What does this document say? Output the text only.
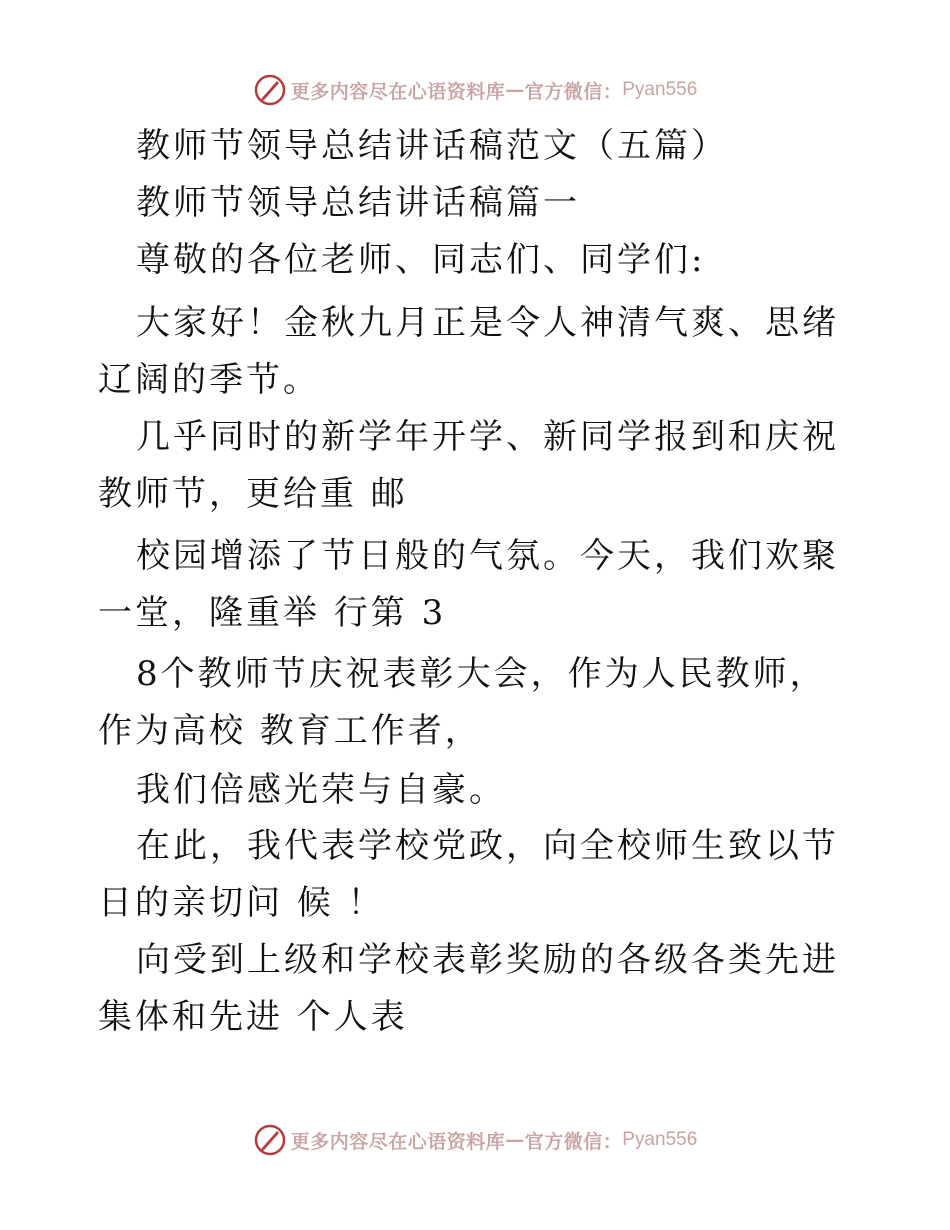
更多内容尽在心语资料库 — 官方微信： Pyan556

教师节领导总结讲话稿范文（五篇）

教师节领导总结讲话稿篇一

尊敬的各位老师、同志们、同学们:

大家好！金秋九月正是令人神清气爽、思绪辽阔的季节。

几乎同时的新学年开学、新同学报到和庆祝教师节，更给重 邮

校园增添了节日般的气氛。今天，我们欢聚一堂，隆重举 行第 3

8个教师节庆祝表彰大会，作为人民教师，作为高校 教育工作者，

我们倍感光荣与自豪。

在此，我代表学校党政，向全校师生致以节日的亲切问 候 ！

向受到上级和学校表彰奖励的各级各类先进集体和先进 个人表

更多内容尽在心语资料库 — 官方微信： Pyan556
